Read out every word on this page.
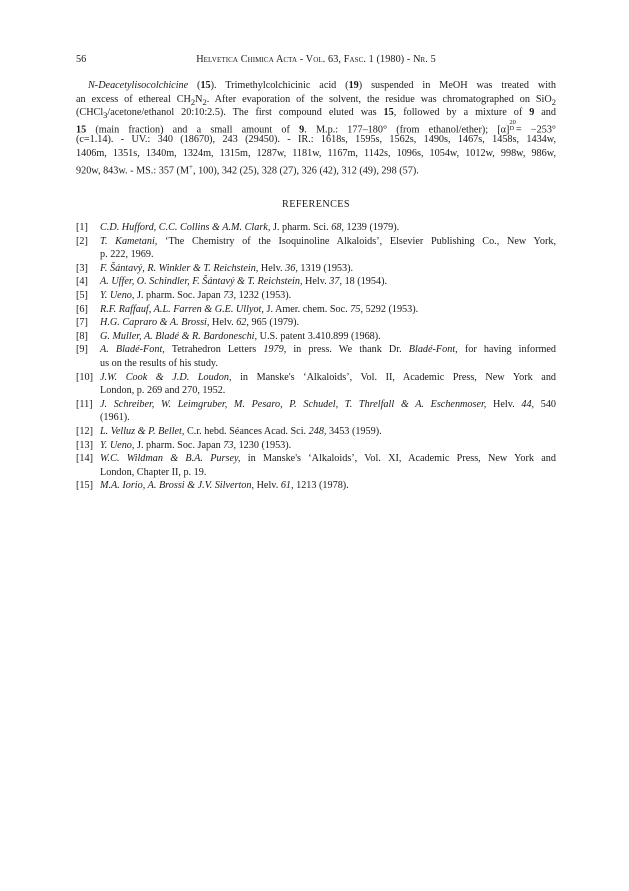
56	Helvetica Chimica Acta - Vol. 63, Fasc. 1 (1980) - Nr. 5
N-Deacetylisocolchicine (15). Trimethylcolchicinic acid (19) suspended in MeOH was treated with
an excess of ethereal $CH_2N_2$. After evaporation of the solvent, the residue was chromatographed on SiO$_2$
(CHCl$_3$/acetone/ethanol 20:10:2.5). The first compound eluted was 15, followed by a mixture of 9 and
15 (main fraction) and a small amount of 9. M.p.: 177–180° (from ethanol/ether); [α]
$^{20 D}$ = −253°
(c=1.14). - UV.: 340 (18670), 243 (29450). - IR.: 1618s, 1595s, 1562s, 1490s, 1467s, 1458s, 1434w,
1406m, 1351s, 1340m, 1324m, 1315m, 1287w, 1181w, 1167m, 1142s, 1096s, 1054w, 1012w, 998w, 986w,
920w, 843w. - MS.: 357 (M+, 100), 342 (25), 328 (27), 326 (42), 312 (49), 298 (57).
REFERENCES
[1]	C.D. Hufford, C.C. Collins & A.M. Clark, J. pharm. Sci. 68, 1239 (1979).
[2]	T. Kametani, ‘The Chemistry of the Isoquinoline Alkaloids’, Elsevier Publishing Co., New York,
p. 222, 1969.
[3]	F. Šántavý, R. Winkler & T. Reichstein, Helv. 36, 1319 (1953).
[4]	A. Uffer, O. Schindler, F. Šántavý & T. Reichstein, Helv. 37, 18 (1954).
[5]	Y. Ueno, J. pharm. Soc. Japan 73, 1232 (1953).
[6]	R.F. Raffauf, A.L. Farren & G.E. Ullyot, J. Amer. chem. Soc. 75, 5292 (1953).
[7]	H.G. Capraro & A. Brossi, Helv. 62, 965 (1979).
[8]	G. Muller, A. Bladé & R. Bardoneschi, U.S. patent 3.410.899 (1968).
[9]	A. Bladé-Font, Tetrahedron Letters 1979, in press. We thank Dr. Bladé-Font, for having informed
us on the results of his study.
[10] J.W. Cook & J.D. Loudon, in Manske's ‘Alkaloids’, Vol. II, Academic Press, New York and
London, p. 269 and 270, 1952.
[11] J. Schreiber, W. Leimgruber, M. Pesaro, P. Schudel, T. Threlfall & A. Eschenmoser, Helv. 44, 540
(1961).
[12] L. Velluz & P. Bellet, C.r. hebd. Séances Acad. Sci. 248, 3453 (1959).
[13] Y. Ueno, J. pharm. Soc. Japan 73, 1230 (1953).
[14] W.C. Wildman & B.A. Pursey, in Manske's ‘Alkaloids’, Vol. XI, Academic Press, New York and
London, Chapter II, p. 19.
[15] M.A. Iorio, A. Brossi & J.V. Silverton, Helv. 61, 1213 (1978).
